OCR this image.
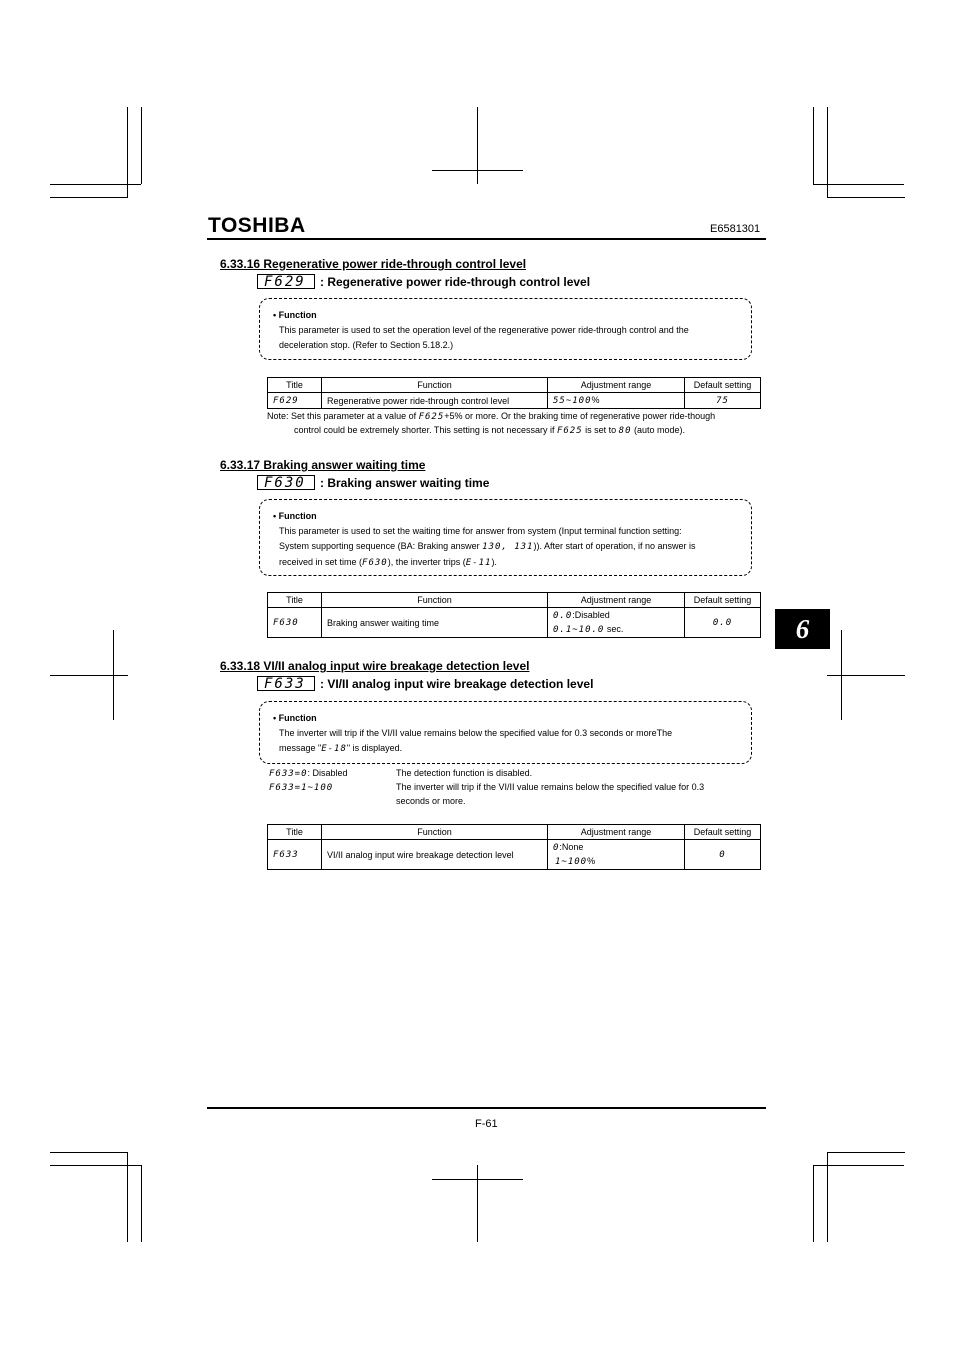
TOSHIBA	E6581301
6.33.16 Regenerative power ride-through control level
F629	: Regenerative power ride-through control level
• Function
This parameter is used to set the operation level of the regenerative power ride-through control and the
deceleration stop. (Refer to Section 5.18.2.)
Title	Function	Adjustment range	Default setting
F629	Regenerative power ride-through control level	55~100%	75
Note: Set this parameter at a value of F625+5% or more. Or the braking time of regenerative power ride-though
control could be extremely shorter. This setting is not necessary if F625 is set to 80 (auto mode).
6.33.17 Braking answer waiting time
F630	: Braking answer waiting time
• Function
This parameter is used to set the waiting time for answer from system (Input terminal function setting:
System supporting sequence (BA: Braking answer 130, 131)). After start of operation, if no answer is
received in set time (F630), the inverter trips (E-11).
Title	Function	Adjustment range	Default setting
F630	Braking answer waiting time	0.0:Disabled
0.1~10.0 sec.	0.0	6
6.33.18 VI/II analog input wire breakage detection level
F633	: VI/II analog input wire breakage detection level
• Function
The inverter will trip if the VI/II value remains below the specified value for 0.3 seconds or moreThe
message "E-18" is displayed.
F633=0: Disabled	The detection function is disabled.
F633=1~100	The inverter will trip if the VI/II value remains below the specified value for 0.3
seconds or more.
Title	Function	Adjustment range	Default setting
F633	VI/II analog input wire breakage detection level	0:None
1~100%	0
F-61
